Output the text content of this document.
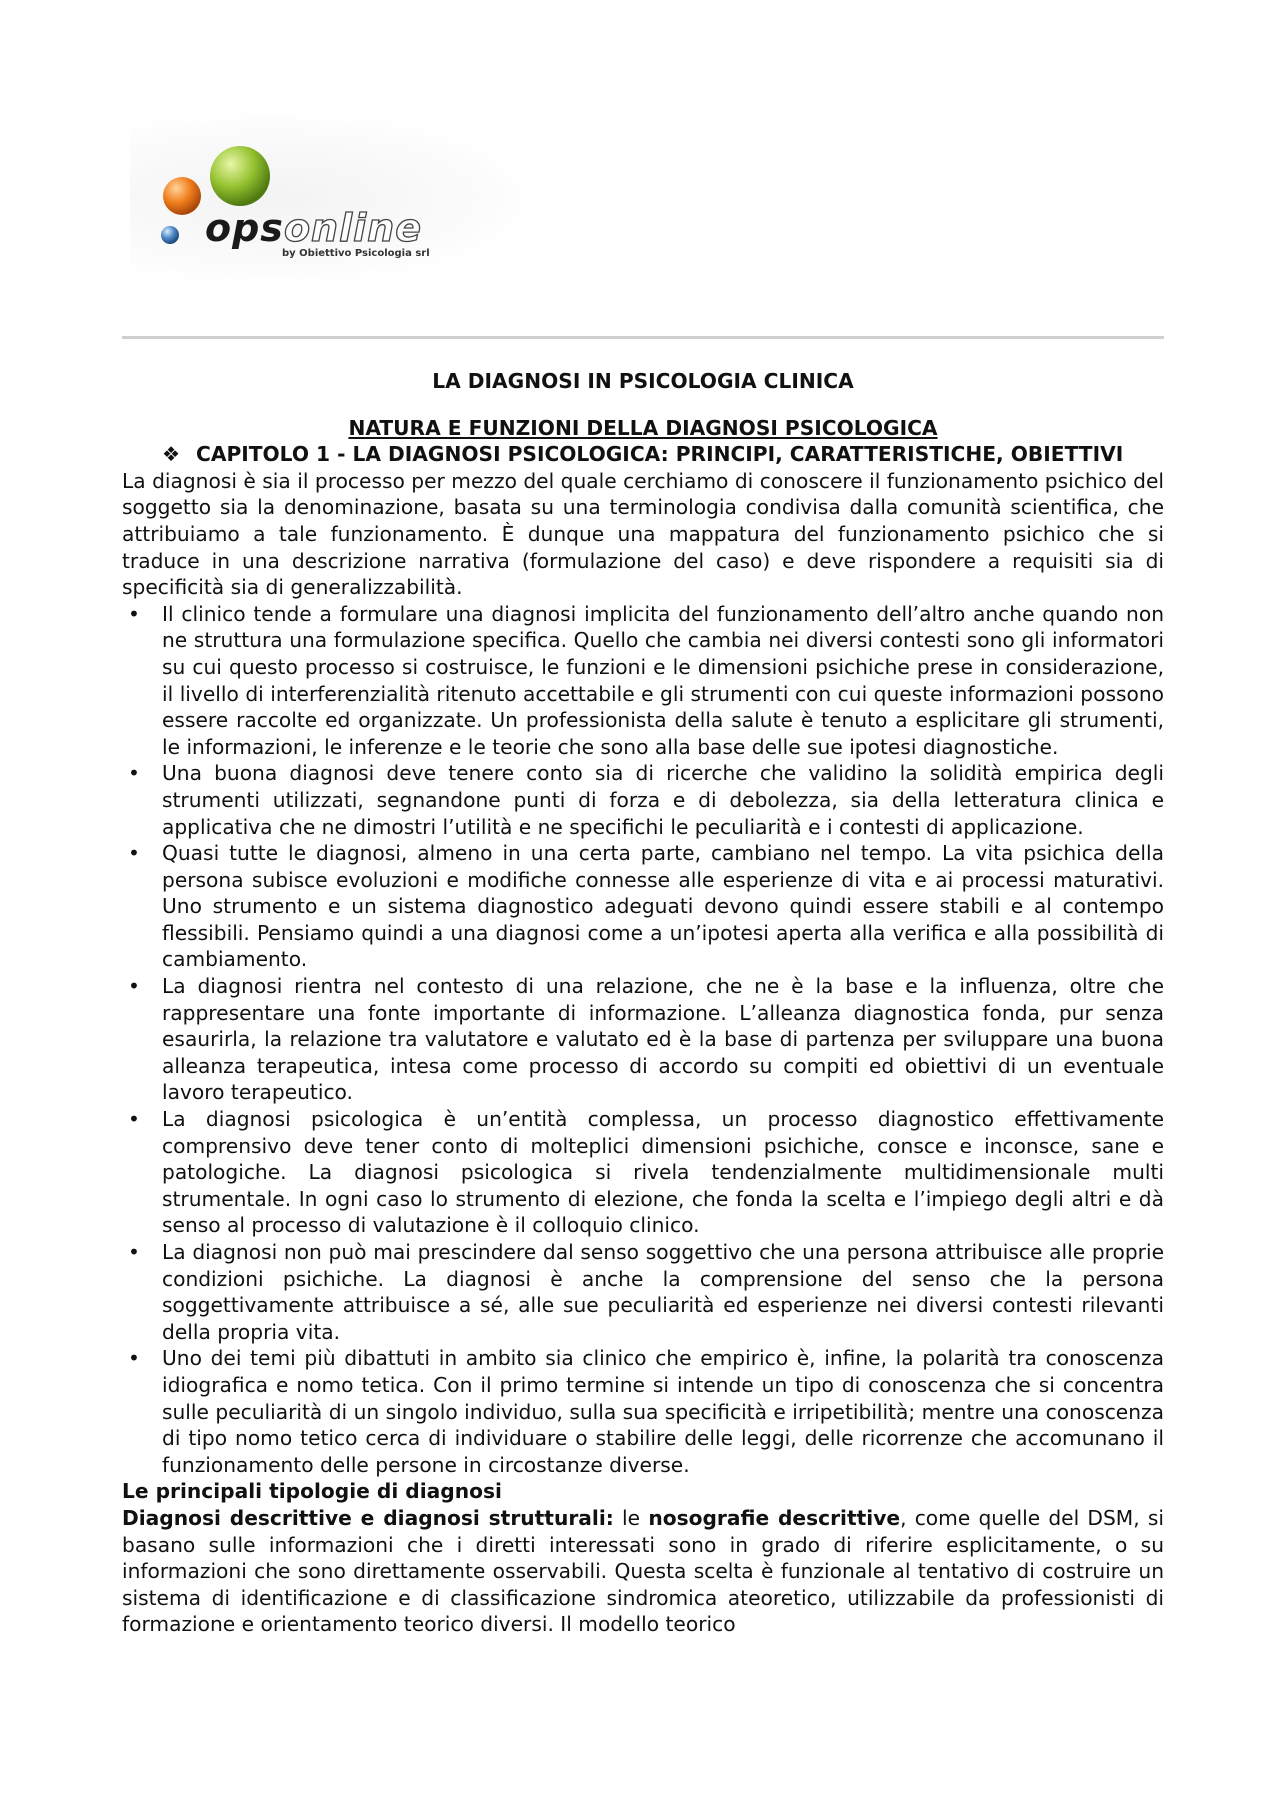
opsonline
by Obiettivo Psicologia srl

LA DIAGNOSI IN PSICOLOGIA CLINICA

NATURA E FUNZIONI DELLA DIAGNOSI PSICOLOGICA

❖ CAPITOLO 1 - LA DIAGNOSI PSICOLOGICA: PRINCIPI, CARATTERISTICHE, OBIETTIVI

La diagnosi è sia il processo per mezzo del quale cerchiamo di conoscere il funzionamento psichico del soggetto sia la denominazione, basata su una terminologia condivisa dalla comunità scientifica, che attribuiamo a tale funzionamento. È dunque una mappatura del funzionamento psichico che si traduce in una descrizione narrativa (formulazione del caso) e deve rispondere a requisiti sia di specificità sia di generalizzabilità.

• Il clinico tende a formulare una diagnosi implicita del funzionamento dell’altro anche quando non ne struttura una formulazione specifica. Quello che cambia nei diversi contesti sono gli informatori su cui questo processo si costruisce, le funzioni e le dimensioni psichiche prese in considerazione, il livello di interferenzialità ritenuto accettabile e gli strumenti con cui queste informazioni possono essere raccolte ed organizzate. Un professionista della salute è tenuto a esplicitare gli strumenti, le informazioni, le inferenze e le teorie che sono alla base delle sue ipotesi diagnostiche.
• Una buona diagnosi deve tenere conto sia di ricerche che validino la solidità empirica degli strumenti utilizzati, segnandone punti di forza e di debolezza, sia della letteratura clinica e applicativa che ne dimostri l’utilità e ne specifichi le peculiarità e i contesti di applicazione.
• Quasi tutte le diagnosi, almeno in una certa parte, cambiano nel tempo. La vita psichica della persona subisce evoluzioni e modifiche connesse alle esperienze di vita e ai processi maturativi. Uno strumento e un sistema diagnostico adeguati devono quindi essere stabili e al contempo flessibili. Pensiamo quindi a una diagnosi come a un’ipotesi aperta alla verifica e alla possibilità di cambiamento.
• La diagnosi rientra nel contesto di una relazione, che ne è la base e la influenza, oltre che rappresentare una fonte importante di informazione. L’alleanza diagnostica fonda, pur senza esaurirla, la relazione tra valutatore e valutato ed è la base di partenza per sviluppare una buona alleanza terapeutica, intesa come processo di accordo su compiti ed obiettivi di un eventuale lavoro terapeutico.
• La diagnosi psicologica è un’entità complessa, un processo diagnostico effettivamente comprensivo deve tener conto di molteplici dimensioni psichiche, consce e inconsce, sane e patologiche. La diagnosi psicologica si rivela tendenzialmente multidimensionale multi strumentale. In ogni caso lo strumento di elezione, che fonda la scelta e l’impiego degli altri e dà senso al processo di valutazione è il colloquio clinico.
• La diagnosi non può mai prescindere dal senso soggettivo che una persona attribuisce alle proprie condizioni psichiche. La diagnosi è anche la comprensione del senso che la persona soggettivamente attribuisce a sé, alle sue peculiarità ed esperienze nei diversi contesti rilevanti della propria vita.
• Uno dei temi più dibattuti in ambito sia clinico che empirico è, infine, la polarità tra conoscenza idiografica e nomo tetica. Con il primo termine si intende un tipo di conoscenza che si concentra sulle peculiarità di un singolo individuo, sulla sua specificità e irripetibilità; mentre una conoscenza di tipo nomo tetico cerca di individuare o stabilire delle leggi, delle ricorrenze che accomunano il funzionamento delle persone in circostanze diverse.

Le principali tipologie di diagnosi

Diagnosi descrittive e diagnosi strutturali: le nosografie descrittive, come quelle del DSM, si basano sulle informazioni che i diretti interessati sono in grado di riferire esplicitamente, o su informazioni che sono direttamente osservabili. Questa scelta è funzionale al tentativo di costruire un sistema di identificazione e di classificazione sindromica ateoretico, utilizzabile da professionisti di formazione e orientamento teorico diversi. Il modello teorico
